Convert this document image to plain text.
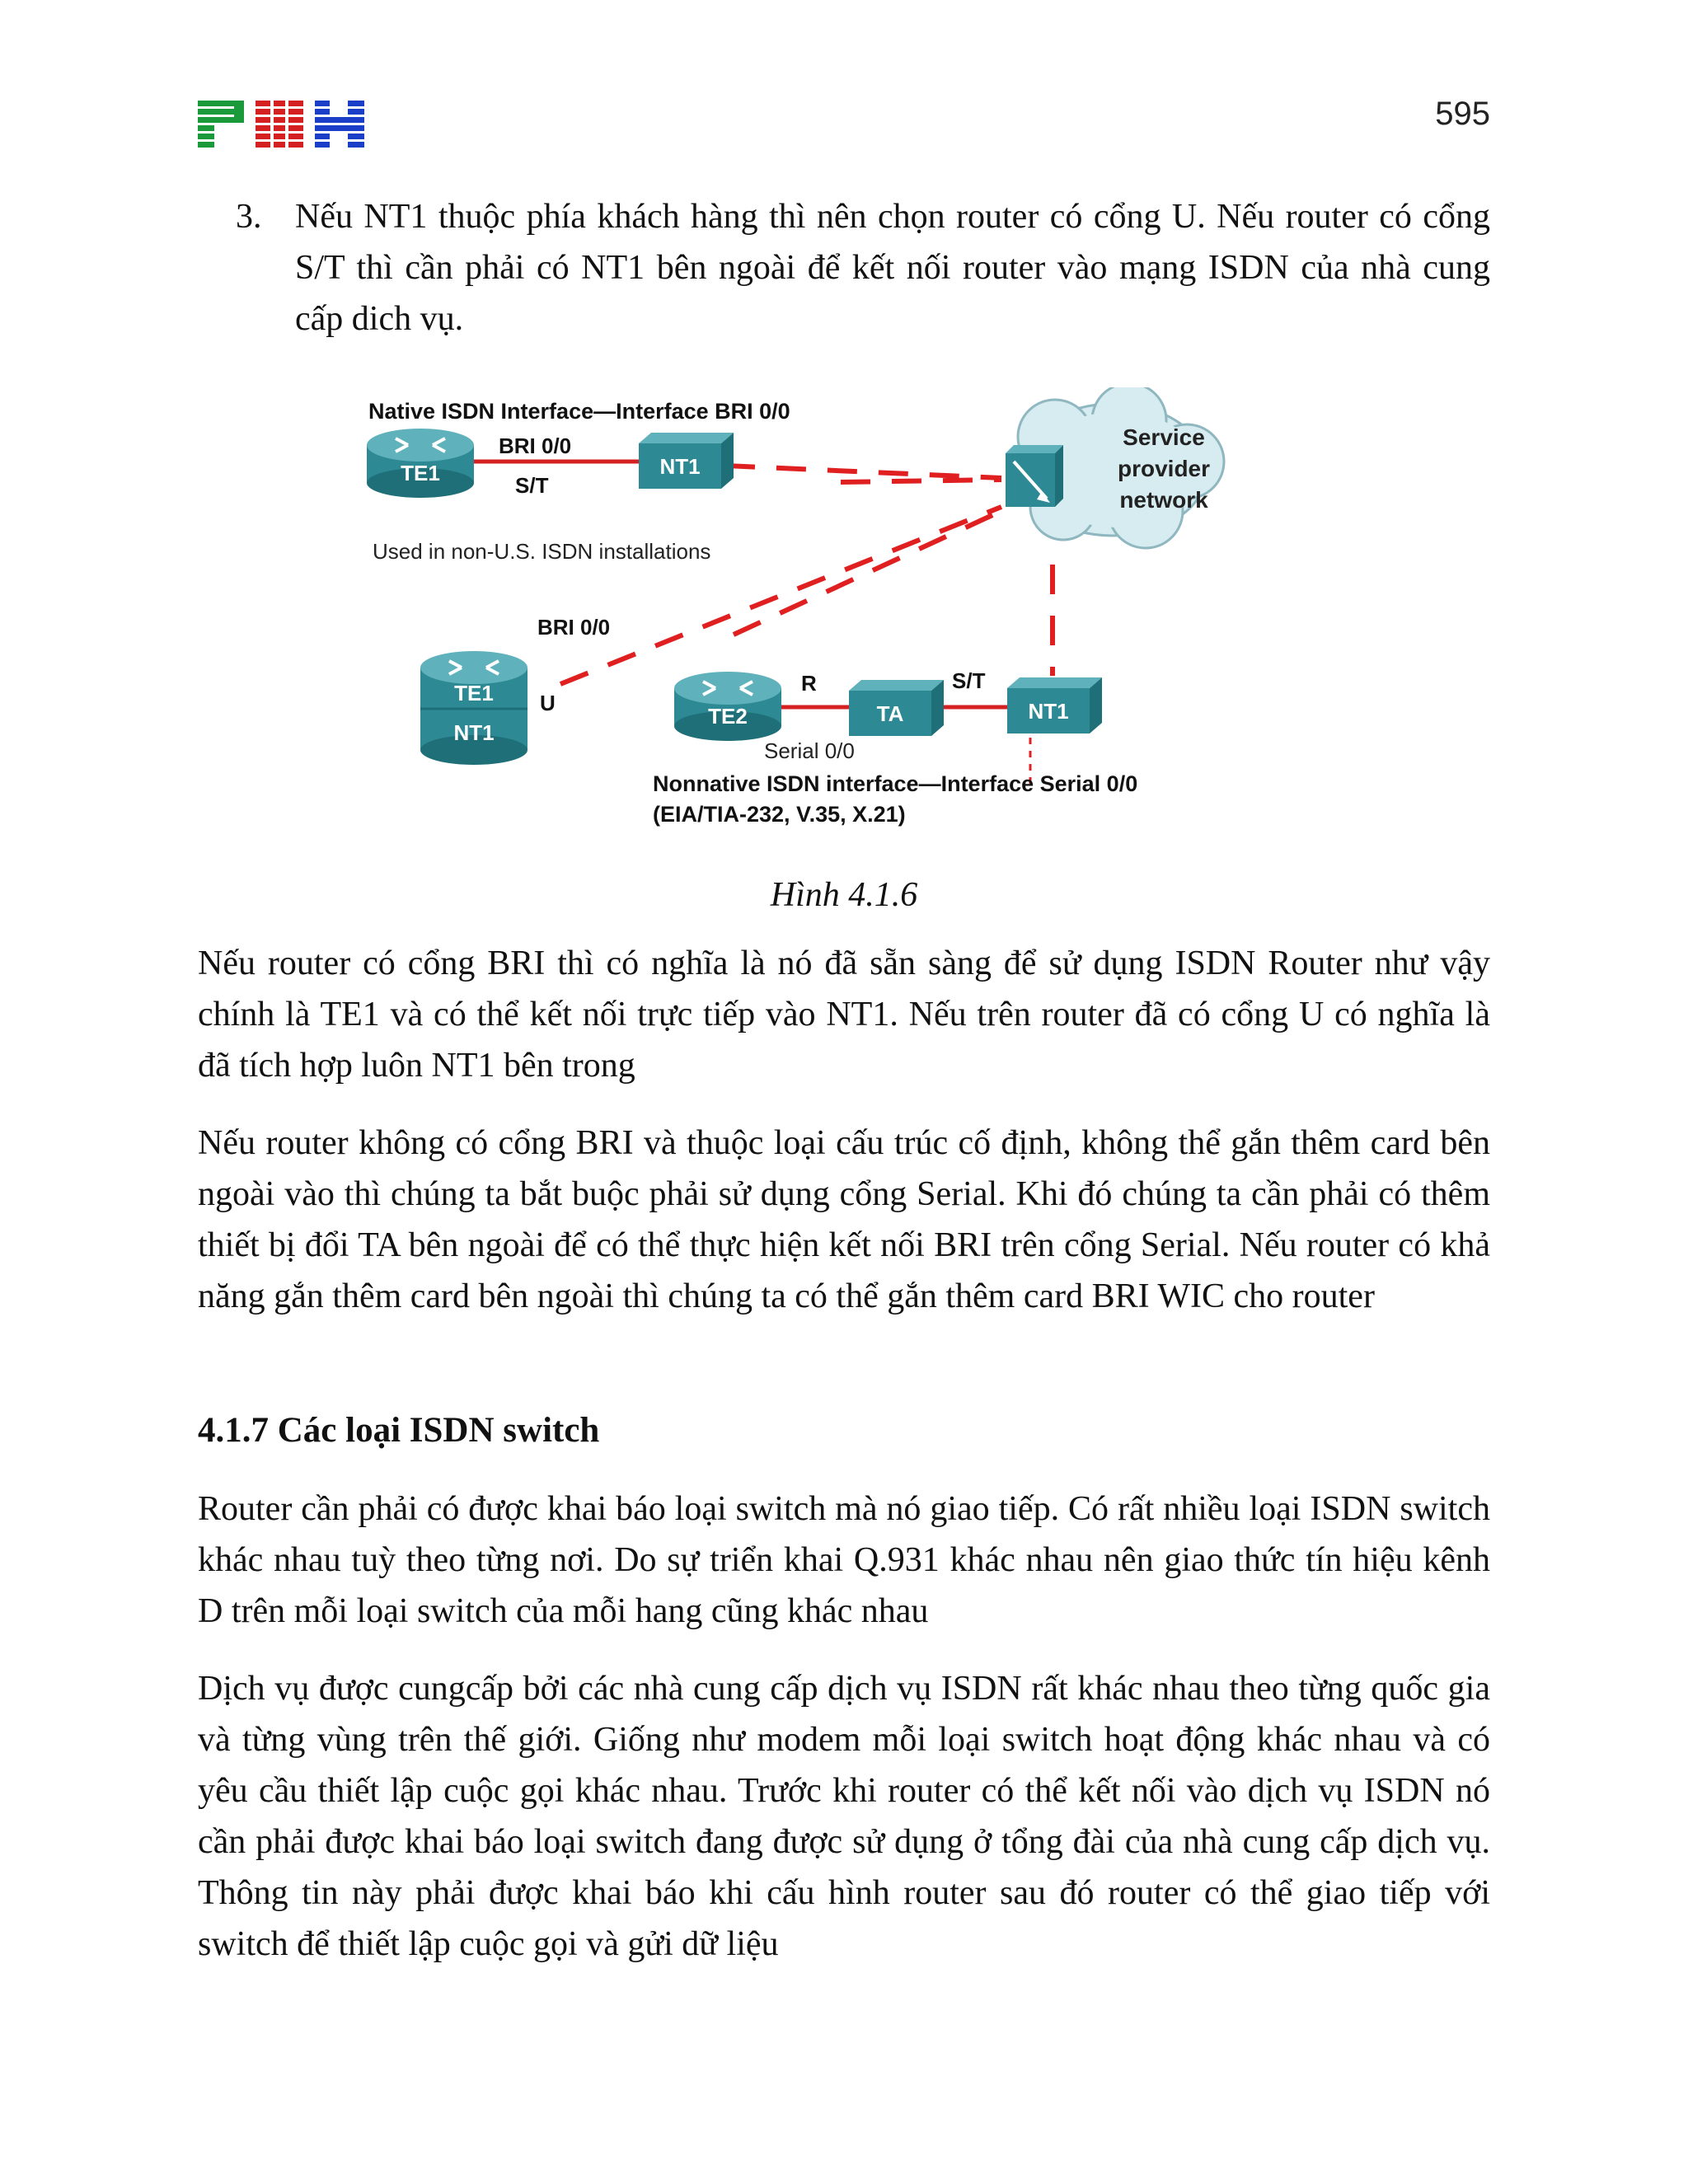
595
3. Nếu NT1 thuộc phía khách hàng thì nên chọn router có cổng U. Nếu router có cổng S/T thì cần phải có NT1 bên ngoài để kết nối router vào mạng ISDN của nhà cung cấp dich vụ.

Native ISDN Interface—Interface BRI 0/0
Service
provider
network
TE1
BRI 0/0
S/T
NT1
Used in non-U.S. ISDN installations
BRI 0/0
TE1
NT1
U
TE2
R
TA
S/T
NT1
Serial 0/0
Nonnative ISDN interface—Interface Serial 0/0
(EIA/TIA-232, V.35, X.21)
Hình 4.1.6

Nếu router có cổng BRI thì có nghĩa là nó đã sẵn sàng để sử dụng ISDN Router như vậy chính là TE1 và có thể kết nối trực tiếp vào NT1. Nếu trên router đã có cổng U có nghĩa là đã tích hợp luôn NT1 bên trong

Nếu router không có cổng BRI và thuộc loại cấu trúc cố định, không thể gắn thêm card bên ngoài vào thì chúng ta bắt buộc phải sử dụng cổng Serial. Khi đó chúng ta cần phải có thêm thiết bị đổi TA bên ngoài để có thể thực hiện kết nối BRI trên cổng Serial. Nếu router có khả năng gắn thêm card bên ngoài thì chúng ta có thể gắn thêm card BRI WIC cho router

4.1.7 Các loại ISDN switch

Router cần phải có được khai báo loại switch mà nó giao tiếp. Có rất nhiều loại ISDN switch khác nhau tuỳ theo từng nơi. Do sự triển khai Q.931 khác nhau nên giao thức tín hiệu kênh D trên mỗi loại switch của mỗi hang cũng khác nhau

Dịch vụ được cungcấp bởi các nhà cung cấp dịch vụ ISDN rất khác nhau theo từng quốc gia và từng vùng trên thế giới. Giống như modem mỗi loại switch hoạt động khác nhau và có yêu cầu thiết lập cuộc gọi khác nhau. Trước khi router có thể kết nối vào dịch vụ ISDN nó cần phải được khai báo loại switch đang được sử dụng ở tổng đài của nhà cung cấp dịch vụ. Thông tin này phải được khai báo khi cấu hình router sau đó router có thể giao tiếp với switch để thiết lập cuộc gọi và gửi dữ liệu
